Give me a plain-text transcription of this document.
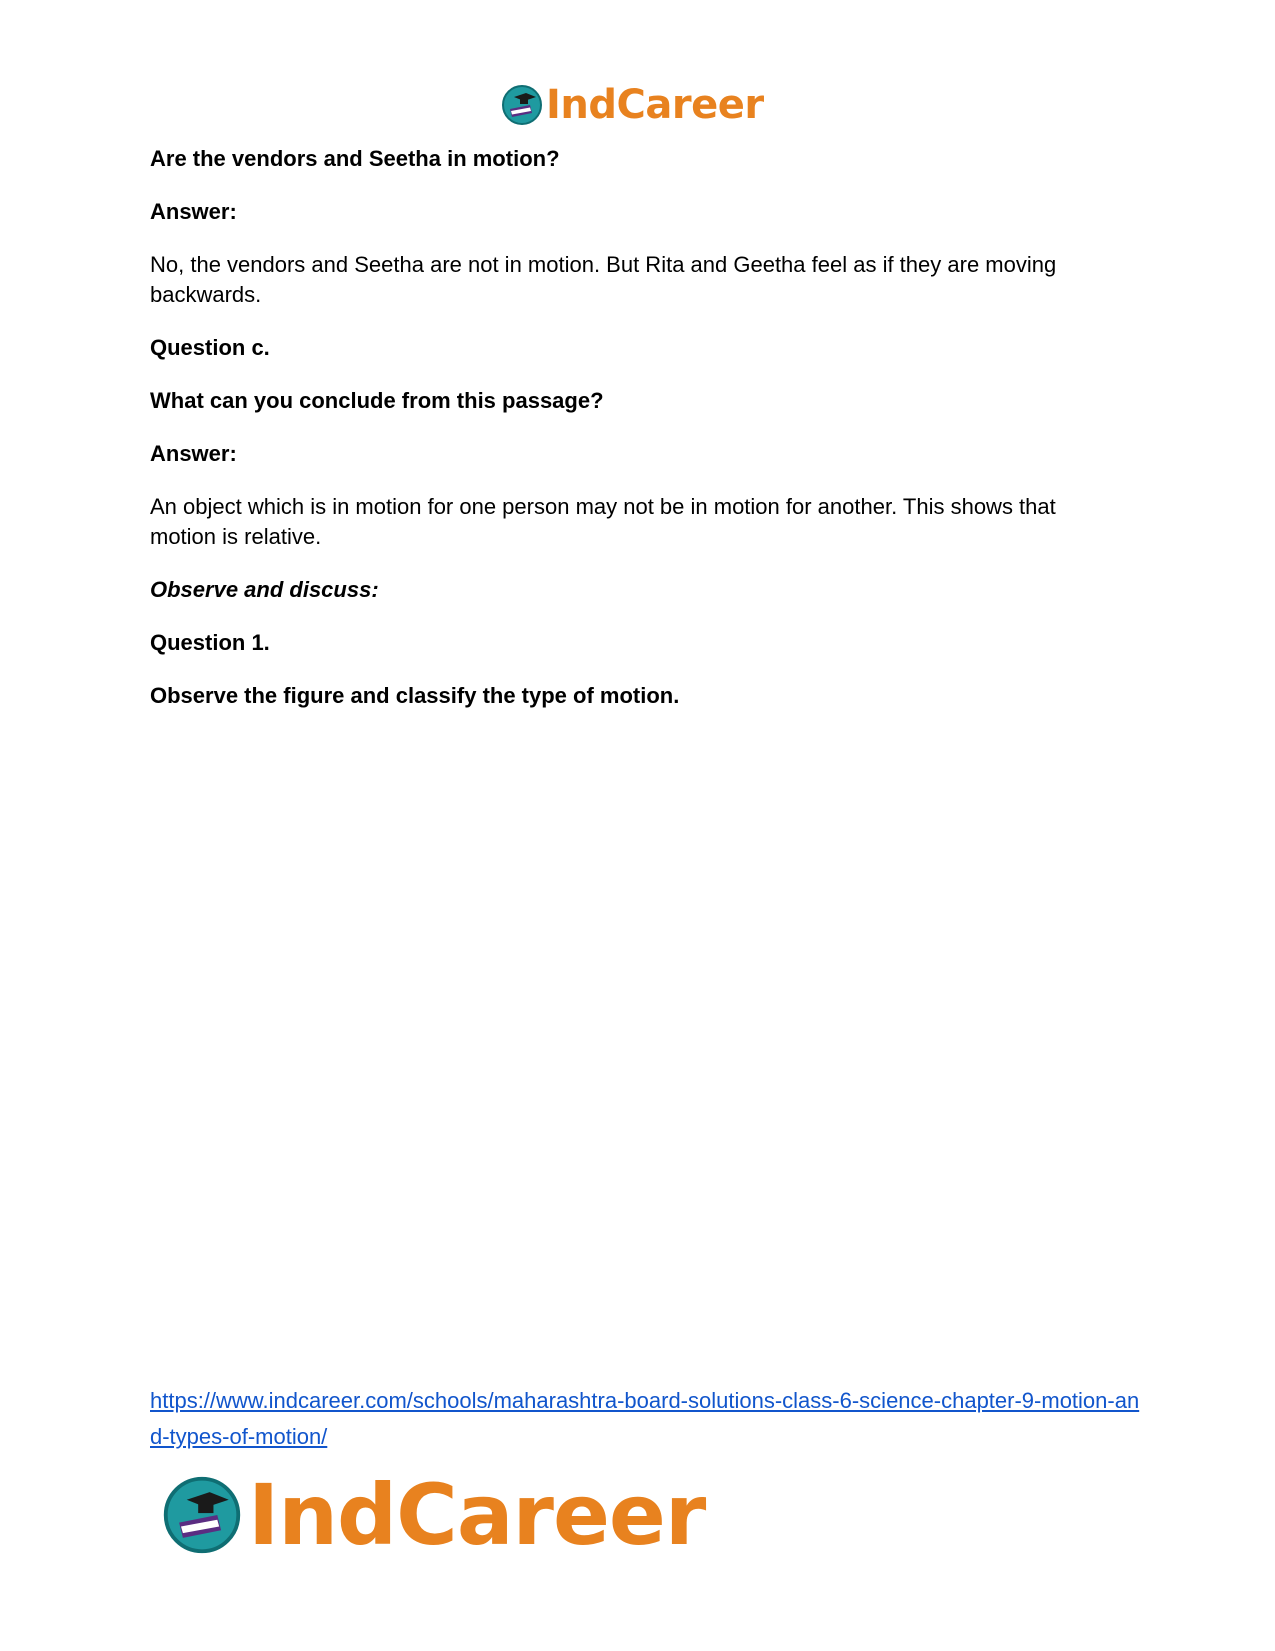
IndCareer

Are the vendors and Seetha in motion?

Answer:

No, the vendors and Seetha are not in motion. But Rita and Geetha feel as if they are moving backwards.

Question c.

What can you conclude from this passage?

Answer:

An object which is in motion for one person may not be in motion for another. This shows that motion is relative.

Observe and discuss:

Question 1.

Observe the figure and classify the type of motion.

https://www.indcareer.com/schools/maharashtra-board-solutions-class-6-science-chapter-9-motion-and-types-of-motion/
IndCareer
